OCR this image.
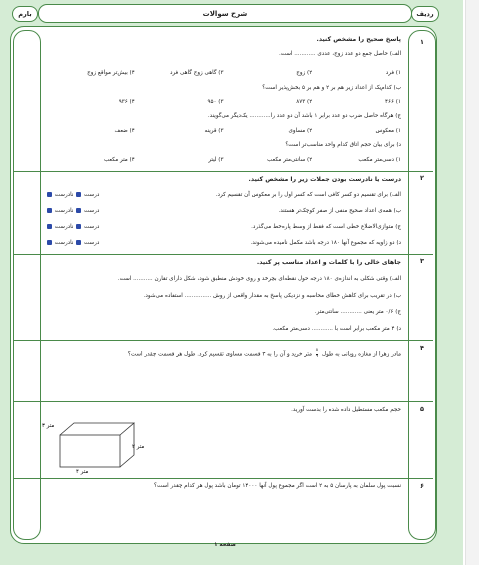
ردیف
شرح سوالات
بارم
۱
پاسخ صحیح را مشخص کنید.
الف) حاصل جمع دو عدد زوج، عددی ............ است.
۱) فرد
۲) زوج
۳) گاهی زوج گاهی فرد
۴) بیش‌تر مواقع زوج
ب) کدام‌یک از اعداد زیر هم بر ۲ و هم بر ۵ بخش‌پذیر است؟
۱) ۴۶۶
۲) ۸۷۳
۳) ۹۵۰
۴) ۹۳۶
ج) هرگاه حاصل ضرب دو عدد برابر ۱ باشد آن دو عدد را............ یک‌دیگر می‌گویند.
۱) معکوس
۲) مساوی
۳) قرینه
۴) ضعف
د) برای بیان حجم اتاق کدام واحد مناسب‌تر است؟
۱) دسی‌متر مکعب
۲) سانتی‌متر مکعب
۳) لیتر
۴) متر مکعب
۲
درست یا نادرست بودن جملات زیر را مشخص کنید.
الف) برای تقسیم دو کسر کافی است که کسر اول را بر معکوس آن تقسیم کرد.
درست  نادرست
ب) همه‌ی اعداد صحیح منفی از صفر کوچک‌تر هستند.
درست  نادرست
ج) متوازی‌الاضلاع خطی است که فقط از وسط پاره‌خط می‌گذرد.
درست  نادرست
د) دو زاویه که مجموع آنها ۱۸۰ درجه باشد مکمل نامیده می‌شوند.
درست  نادرست
۳
جاهای خالی را با کلمات و اعداد مناسب پر کنید.
الف) وقتی شکلی به اندازه‌ی ۱۸۰ درجه حول نقطه‌ای بچرخد و روی خودش منطبق شود، شکل دارای تقارن ........... است.
ب) در تقریب برای کاهش خطای محاسبه و نزدیکی پاسخ به مقدار واقعی از روش ............... استفاده می‌شود.
ج) ۰/۶ متر یعنی ............ سانتی‌متر.
د) ۴ متر مکعب برابر است با ............ دسی‌متر مکعب.
۴
مادر زهرا از مغازه روبانی به طول
$\frac{۸}{۹}$
متر خرید و آن را به ۳ قسمت مساوی تقسیم کرد. طول هر قسمت چقدر است؟
۵
حجم مکعب مستطیل داده شده را بدست آورید.
۲ متر
۳ متر
۴ متر
۶
نسبت پول سلمان به پارسان ۵ به ۲ است اگر مجموع پول آنها ۱۴۰۰۰ تومان باشد پول هر کدام چقدر است؟
صفحه ۱
